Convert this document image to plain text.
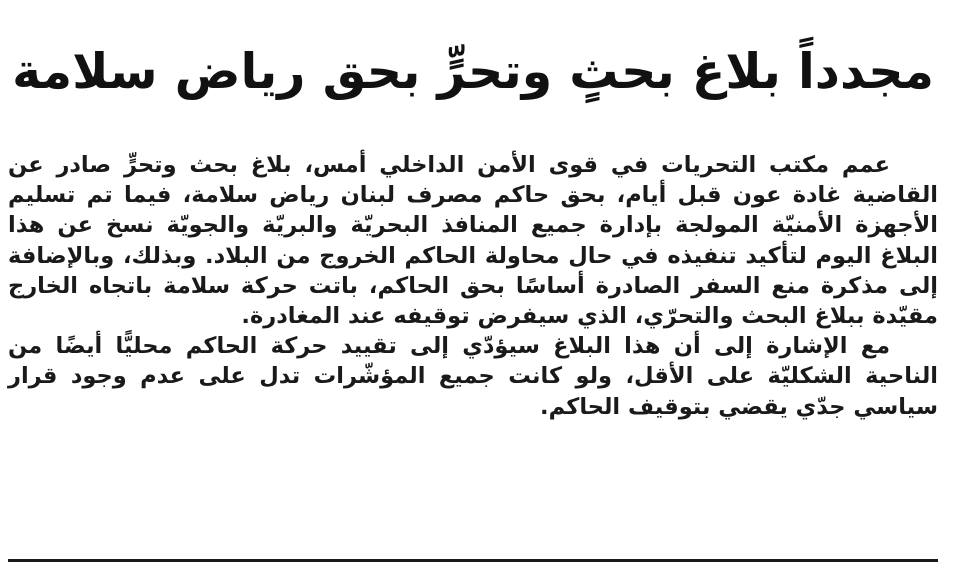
مجدداً بلاغ بحثٍ وتحرٍّ بحق رياض سلامة

عمم مكتب التحريات في قوى الأمن الداخلي أمس، بلاغ بحث وتحرٍّ صادر عن القاضية غادة عون قبل أيام، بحق حاكم مصرف لبنان رياض سلامة، فيما تم تسليم الأجهزة الأمنيّة المولجة بإدارة جميع المنافذ البحريّة والبريّة والجويّة نسخ عن هذا البلاغ اليوم لتأكيد تنفيذه في حال محاولة الحاكم الخروج من البلاد. وبذلك، وبالإضافة إلى مذكرة منع السفر الصادرة أساسًا بحق الحاكم، باتت حركة سلامة باتجاه الخارج مقيّدة ببلاغ البحث والتحرّي، الذي سيفرض توقيفه عند المغادرة.

مع الإشارة إلى أن هذا البلاغ سيؤدّي إلى تقييد حركة الحاكم محليًّا أيضًا من الناحية الشكليّة على الأقل، ولو كانت جميع المؤشّرات تدل على عدم وجود قرار سياسي جدّي يقضي بتوقيف الحاكم.
